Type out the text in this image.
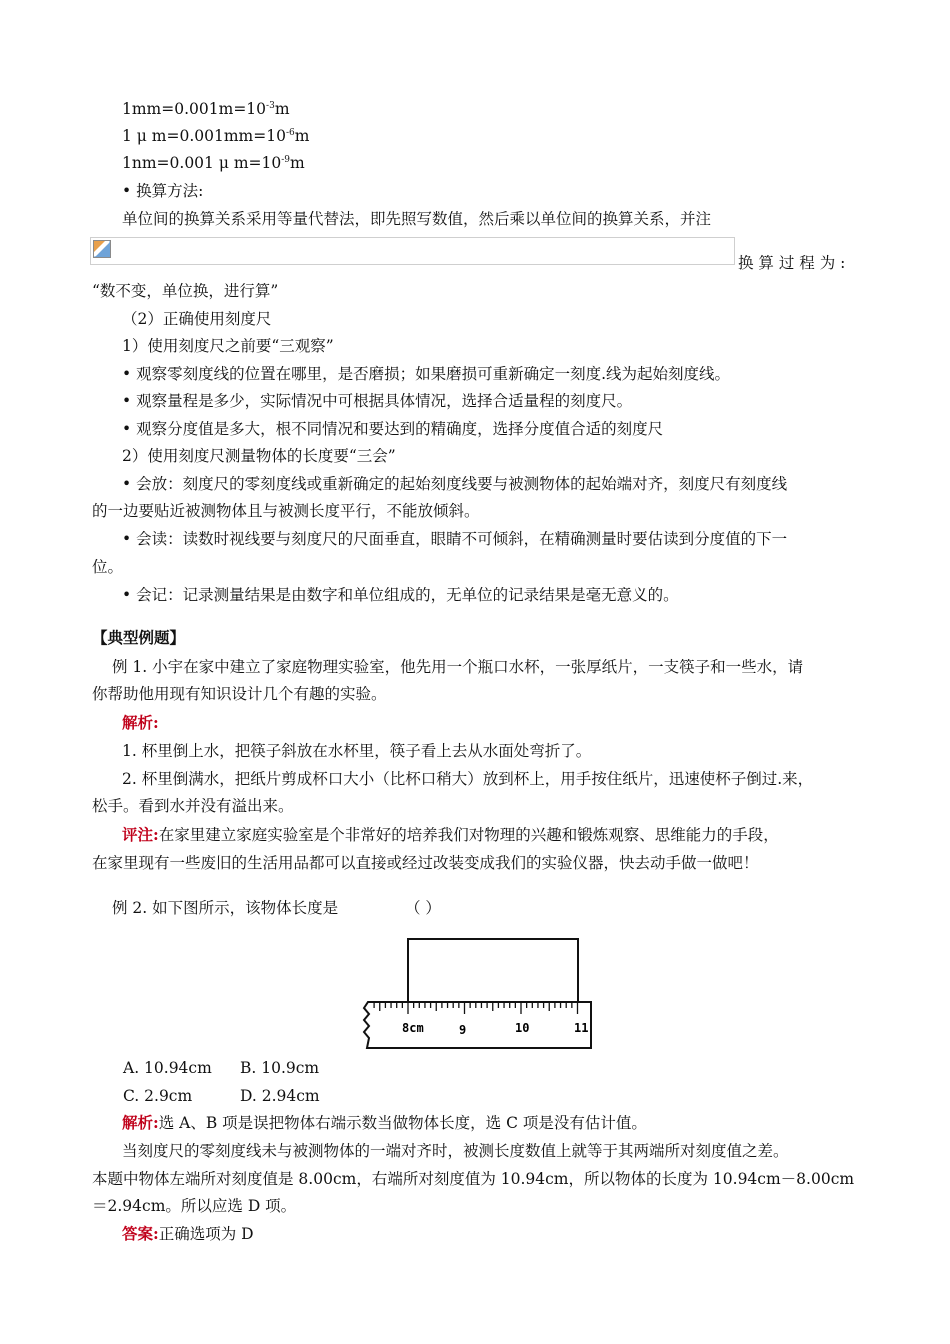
$1mm=0.001m=10^{-3}m$
1 μ $m=0.001mm=10^{-6}m$
1nm=0.001 μ $m=10^{-9}m$
• 换算方法:
单位间的换算关系采用等量代替法，即先照写数值，然后乘以单位间的换算关系，并注
换 算 过 程 为 :
“数不变，单位换，进行算”
（2）正确使用刻度尺
1）使用刻度尺之前要“三观察”
• 观察零刻度线的位置在哪里，是否磨损；如果磨损可重新确定一刻度.线为起始刻度线。
• 观察量程是多少，实际情况中可根据具体情况，选择合适量程的刻度尺。
• 观察分度值是多大，根不同情况和要达到的精确度，选择分度值合适的刻度尺
2）使用刻度尺测量物体的长度要“三会”
• 会放：刻度尺的零刻度线或重新确定的起始刻度线要与被测物体的起始端对齐，刻度尺有刻度线
的一边要贴近被测物体且与被测长度平行，不能放倾斜。
• 会读：读数时视线要与刻度尺的尺面垂直，眼睛不可倾斜，在精确测量时要估读到分度值的下一
位。
• 会记：记录测量结果是由数字和单位组成的，无单位的记录结果是毫无意义的。
【典型例题】
例 1. 小宇在家中建立了家庭物理实验室，他先用一个瓶口水杯，一张厚纸片，一支筷子和一些水，请
你帮助他用现有知识设计几个有趣的实验。
解析:
1. 杯里倒上水，把筷子斜放在水杯里，筷子看上去从水面处弯折了。
2. 杯里倒满水，把纸片剪成杯口大小（比杯口稍大）放到杯上，用手按住纸片，迅速使杯子倒过.来，
松手。看到水并没有溢出来。
评注:在家里建立家庭实验室是个非常好的培养我们对物理的兴趣和锻炼观察、思维能力的手段，
在家里现有一些废旧的生活用品都可以直接或经过改装变成我们的实验仪器，快去动手做一做吧！
例 2. 如下图所示，该物体长度是	（ ）
8cm	9	10	11
A. 10.94cm B. 10.9cm
C. 2.9cm	D. 2.94cm
解析:选 A、B 项是误把物体右端示数当做物体长度，选 C 项是没有估计值。
当刻度尺的零刻度线未与被测物体的一端对齐时，被测长度数值上就等于其两端所对刻度值之差。
本题中物体左端所对刻度值是 8.00cm，右端所对刻度值为 10.94cm，所以物体的长度为 10.94cm－8.00cm
＝2.94cm。所以应选 D 项。
答案:正确选项为 D
